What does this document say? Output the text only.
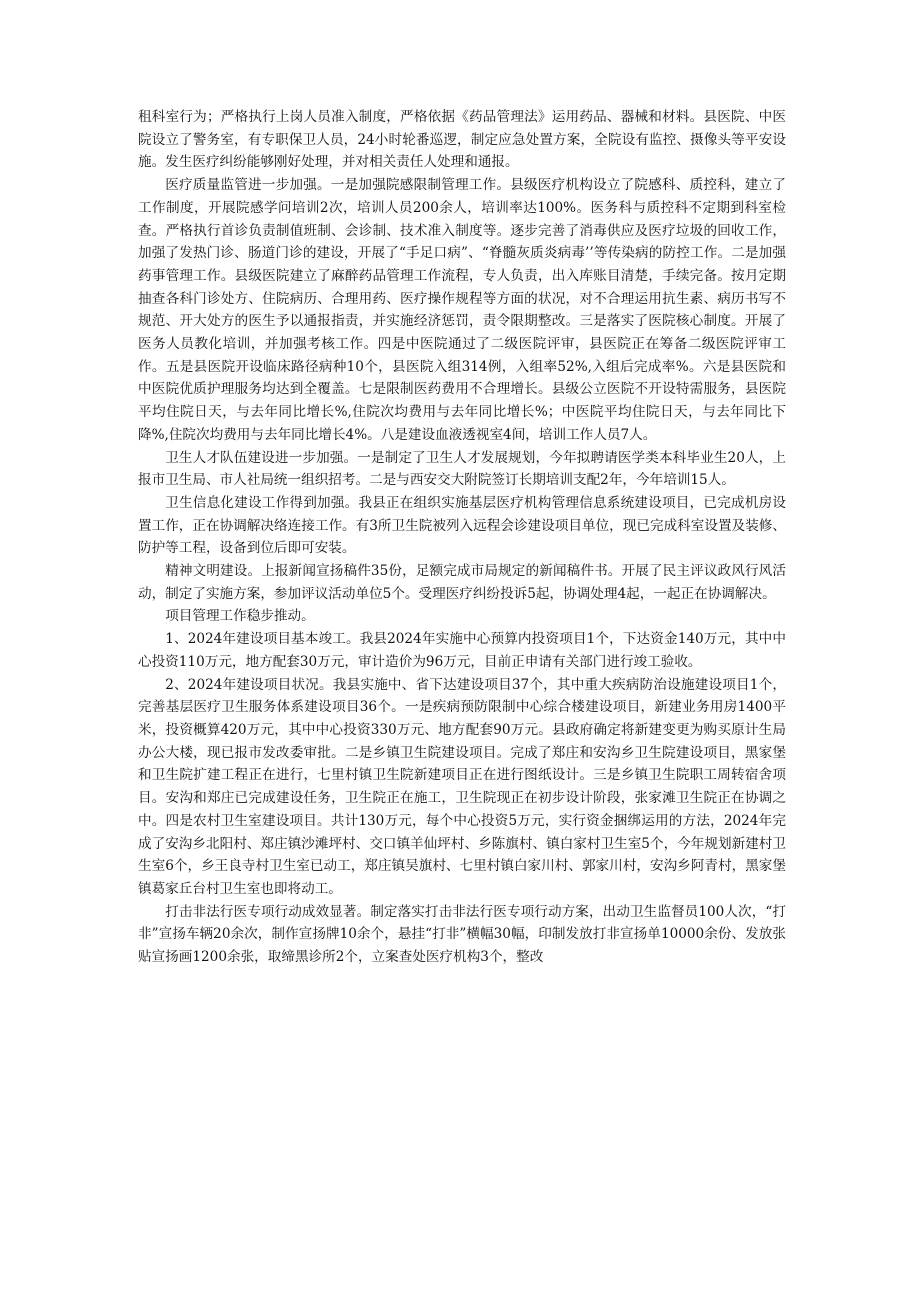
租科室行为；严格执行上岗人员准入制度，严格依据《药品管理法》运用药品、器械和材料。县医院、中医院设立了警务室，有专职保卫人员，24小时轮番巡逻，制定应急处置方案，全院设有监控、摄像头等平安设施。发生医疗纠纷能够刚好处理，并对相关责任人处理和通报。

医疗质量监管进一步加强。一是加强院感限制管理工作。县级医疗机构设立了院感科、质控科，建立了工作制度，开展院感学问培训2次，培训人员200余人，培训率达100%。医务科与质控科不定期到科室检查。严格执行首诊负责制值班制、会诊制、技术准入制度等。逐步完善了消毒供应及医疗垃圾的回收工作，加强了发热门诊、肠道门诊的建设，开展了“手足口病”、“脊髓灰质炎病毒’’等传染病的防控工作。二是加强药事管理工作。县级医院建立了麻醉药品管理工作流程，专人负责，出入库账目清楚，手续完备。按月定期抽查各科门诊处方、住院病历、合理用药、医疗操作规程等方面的状况，对不合理运用抗生素、病历书写不规范、开大处方的医生予以通报指责，并实施经济惩罚，责令限期整改。三是落实了医院核心制度。开展了医务人员教化培训，并加强考核工作。四是中医院通过了二级医院评审，县医院正在筹备二级医院评审工作。五是县医院开设临床路径病种10个，县医院入组314例，入组率52%,入组后完成率%。六是县医院和中医院优质护理服务均达到全覆盖。七是限制医药费用不合理增长。县级公立医院不开设特需服务，县医院平均住院日天，与去年同比增长%,住院次均费用与去年同比增长%；中医院平均住院日天，与去年同比下降%,住院次均费用与去年同比增长4%。八是建设血液透视室4间，培训工作人员7人。

卫生人才队伍建设进一步加强。一是制定了卫生人才发展规划，今年拟聘请医学类本科毕业生20人，上报市卫生局、市人社局统一组织招考。二是与西安交大附院签订长期培训支配2年，今年培训15人。

卫生信息化建设工作得到加强。我县正在组织实施基层医疗机构管理信息系统建设项目，已完成机房设置工作，正在协调解决络连接工作。有3所卫生院被列入远程会诊建设项目单位，现已完成科室设置及装修、防护等工程，设备到位后即可安装。

精神文明建设。上报新闻宣扬稿件35份，足额完成市局规定的新闻稿件书。开展了民主评议政风行风活动，制定了实施方案，参加评议活动单位5个。受理医疗纠纷投诉5起，协调处理4起，一起正在协调解决。

项目管理工作稳步推动。

1、2024年建设项目基本竣工。我县2024年实施中心预算内投资项目1个，下达资金140万元，其中中心投资110万元，地方配套30万元，审计造价为96万元，目前正申请有关部门进行竣工验收。

2、2024年建设项目状况。我县实施中、省下达建设项目37个，其中重大疾病防治设施建设项目1个，完善基层医疗卫生服务体系建设项目36个。一是疾病预防限制中心综合楼建设项目，新建业务用房1400平米，投资概算420万元，其中中心投资330万元、地方配套90万元。县政府确定将新建变更为购买原计生局办公大楼，现已报市发改委审批。二是乡镇卫生院建设项目。完成了郑庄和安沟乡卫生院建设项目，黑家堡和卫生院扩建工程正在进行，七里村镇卫生院新建项目正在进行图纸设计。三是乡镇卫生院职工周转宿舍项目。安沟和郑庄已完成建设任务，卫生院正在施工，卫生院现正在初步设计阶段，张家滩卫生院正在协调之中。四是农村卫生室建设项目。共计130万元，每个中心投资5万元，实行资金捆绑运用的方法，2024年完成了安沟乡北阳村、郑庄镇沙滩坪村、交口镇羊仙坪村、乡陈旗村、镇白家村卫生室5个，今年规划新建村卫生室6个，乡王良寺村卫生室已动工，郑庄镇吴旗村、七里村镇白家川村、郭家川村，安沟乡阿青村，黑家堡镇葛家丘台村卫生室也即将动工。

打击非法行医专项行动成效显著。制定落实打击非法行医专项行动方案，出动卫生监督员100人次，“打非”宣扬车辆20余次，制作宣扬牌10余个，悬挂“打非”横幅30幅，印制发放打非宣扬单10000余份、发放张贴宣扬画1200余张，取缔黑诊所2个，立案查处医疗机构3个，整改
